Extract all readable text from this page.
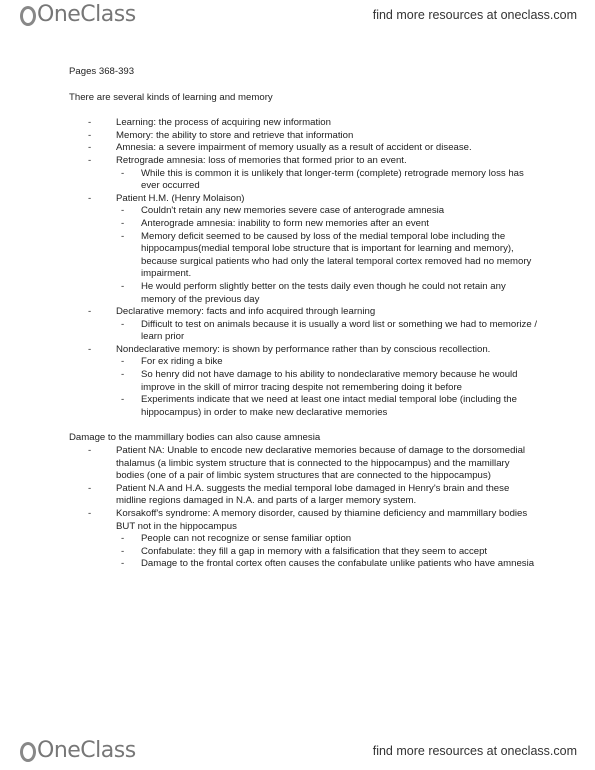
OneClass	find more resources at oneclass.com

Pages 368-393

There are several kinds of learning and memory

- Learning: the process of acquiring new information
- Memory: the ability to store and retrieve that information
- Amnesia: a severe impairment of memory usually as a result of accident or disease.
- Retrograde amnesia: loss of memories that formed prior to an event.
- While this is common it is unlikely that longer-term (complete) retrograde memory loss has ever occurred
- Patient H.M. (Henry Molaison)
- Couldn't retain any new memories severe case of anterograde amnesia
- Anterograde amnesia: inability to form new memories after an event
- Memory deficit seemed to be caused by loss of the medial temporal lobe including the hippocampus(medial temporal lobe structure that is important for learning and memory), because surgical patients who had only the lateral temporal cortex removed had no memory impairment.
- He would perform slightly better on the tests daily even though he could not retain any memory of the previous day
- Declarative memory: facts and info acquired through learning
- Difficult to test on animals because it is usually a word list or something we had to memorize / learn prior
- Nondeclarative memory: is shown by performance rather than by conscious recollection.
- For ex riding a bike
- So henry did not have damage to his ability to nondeclarative memory because he would improve in the skill of mirror tracing despite not remembering doing it before
- Experiments indicate that we need at least one intact medial temporal lobe (including the hippocampus) in order to make new declarative memories

Damage to the mammillary bodies can also cause amnesia

- Patient NA: Unable to encode new declarative memories because of damage to the dorsomedial thalamus (a limbic system structure that is connected to the hippocampus) and the mamillary bodies (one of a pair of limbic system structures that are connected to the hippocampus)
- Patient N.A and H.A. suggests the medial temporal lobe damaged in Henry's brain and these midline regions damaged in N.A. and parts of a larger memory system.
- Korsakoff's syndrome: A memory disorder, caused by thiamine deficiency and mammillary bodies BUT not in the hippocampus
- People can not recognize or sense familiar option
- Confabulate: they fill a gap in memory with a falsification that they seem to accept
- Damage to the frontal cortex often causes the confabulate unlike patients who have amnesia
OneClass	find more resources at oneclass.com
